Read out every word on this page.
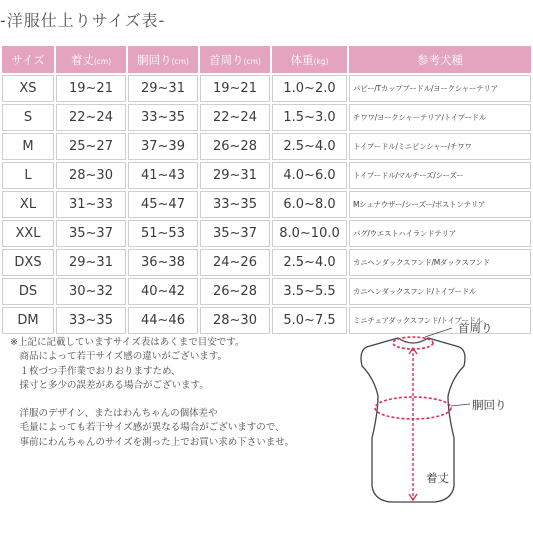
-洋服仕上りサイズ表-
サイズ	着丈(cm)	胴回り(cm)	首周り(cm)	体重(kg)	参考犬種
XS	19~21	29~31	19~21	1.0~2.0	パピー/Tカッププードル/ヨークシャーテリア
S	22~24	33~35	22~24	1.5~3.0	チワワ/ヨークシャーテリア/トイプードル
M	25~27	37~39	26~28	2.5~4.0	トイプードル/ミニピンシャー/チワワ
L	28~30	41~43	29~31	4.0~6.0	トイプードル/マルチーズ/シーズー
XL	31~33	45~47	33~35	6.0~8.0	Mシュナウザー/シーズー/ボストンテリア
XXL	35~37	51~53	35~37	8.0~10.0	パグ/ウエストハイランドテリア
DXS	29~31	36~38	24~26	2.5~4.0	カニヘンダックスフンド/Mダックスフンド
DS	30~32	40~42	26~28	3.5~5.5	カニヘンダックスフンド/トイプードル
DM	33~35	44~46	28~30	5.0~7.5	ミニチュアダックスフンド/トイプードル
※上記に記載していますサイズ表はあくまで目安です。
　商品によって若干サイズ感の違いがございます。
　１枚づつ手作業でおりおりますため、
　採寸と多少の誤差がある場合がございます。
　洋服のデザイン、またはわんちゃんの個体差や
　毛量によっても若干サイズ感が異なる場合がございますので、
　事前にわんちゃんのサイズを測った上でお買い求め下さいませ。
首周り
胴回り
着丈
